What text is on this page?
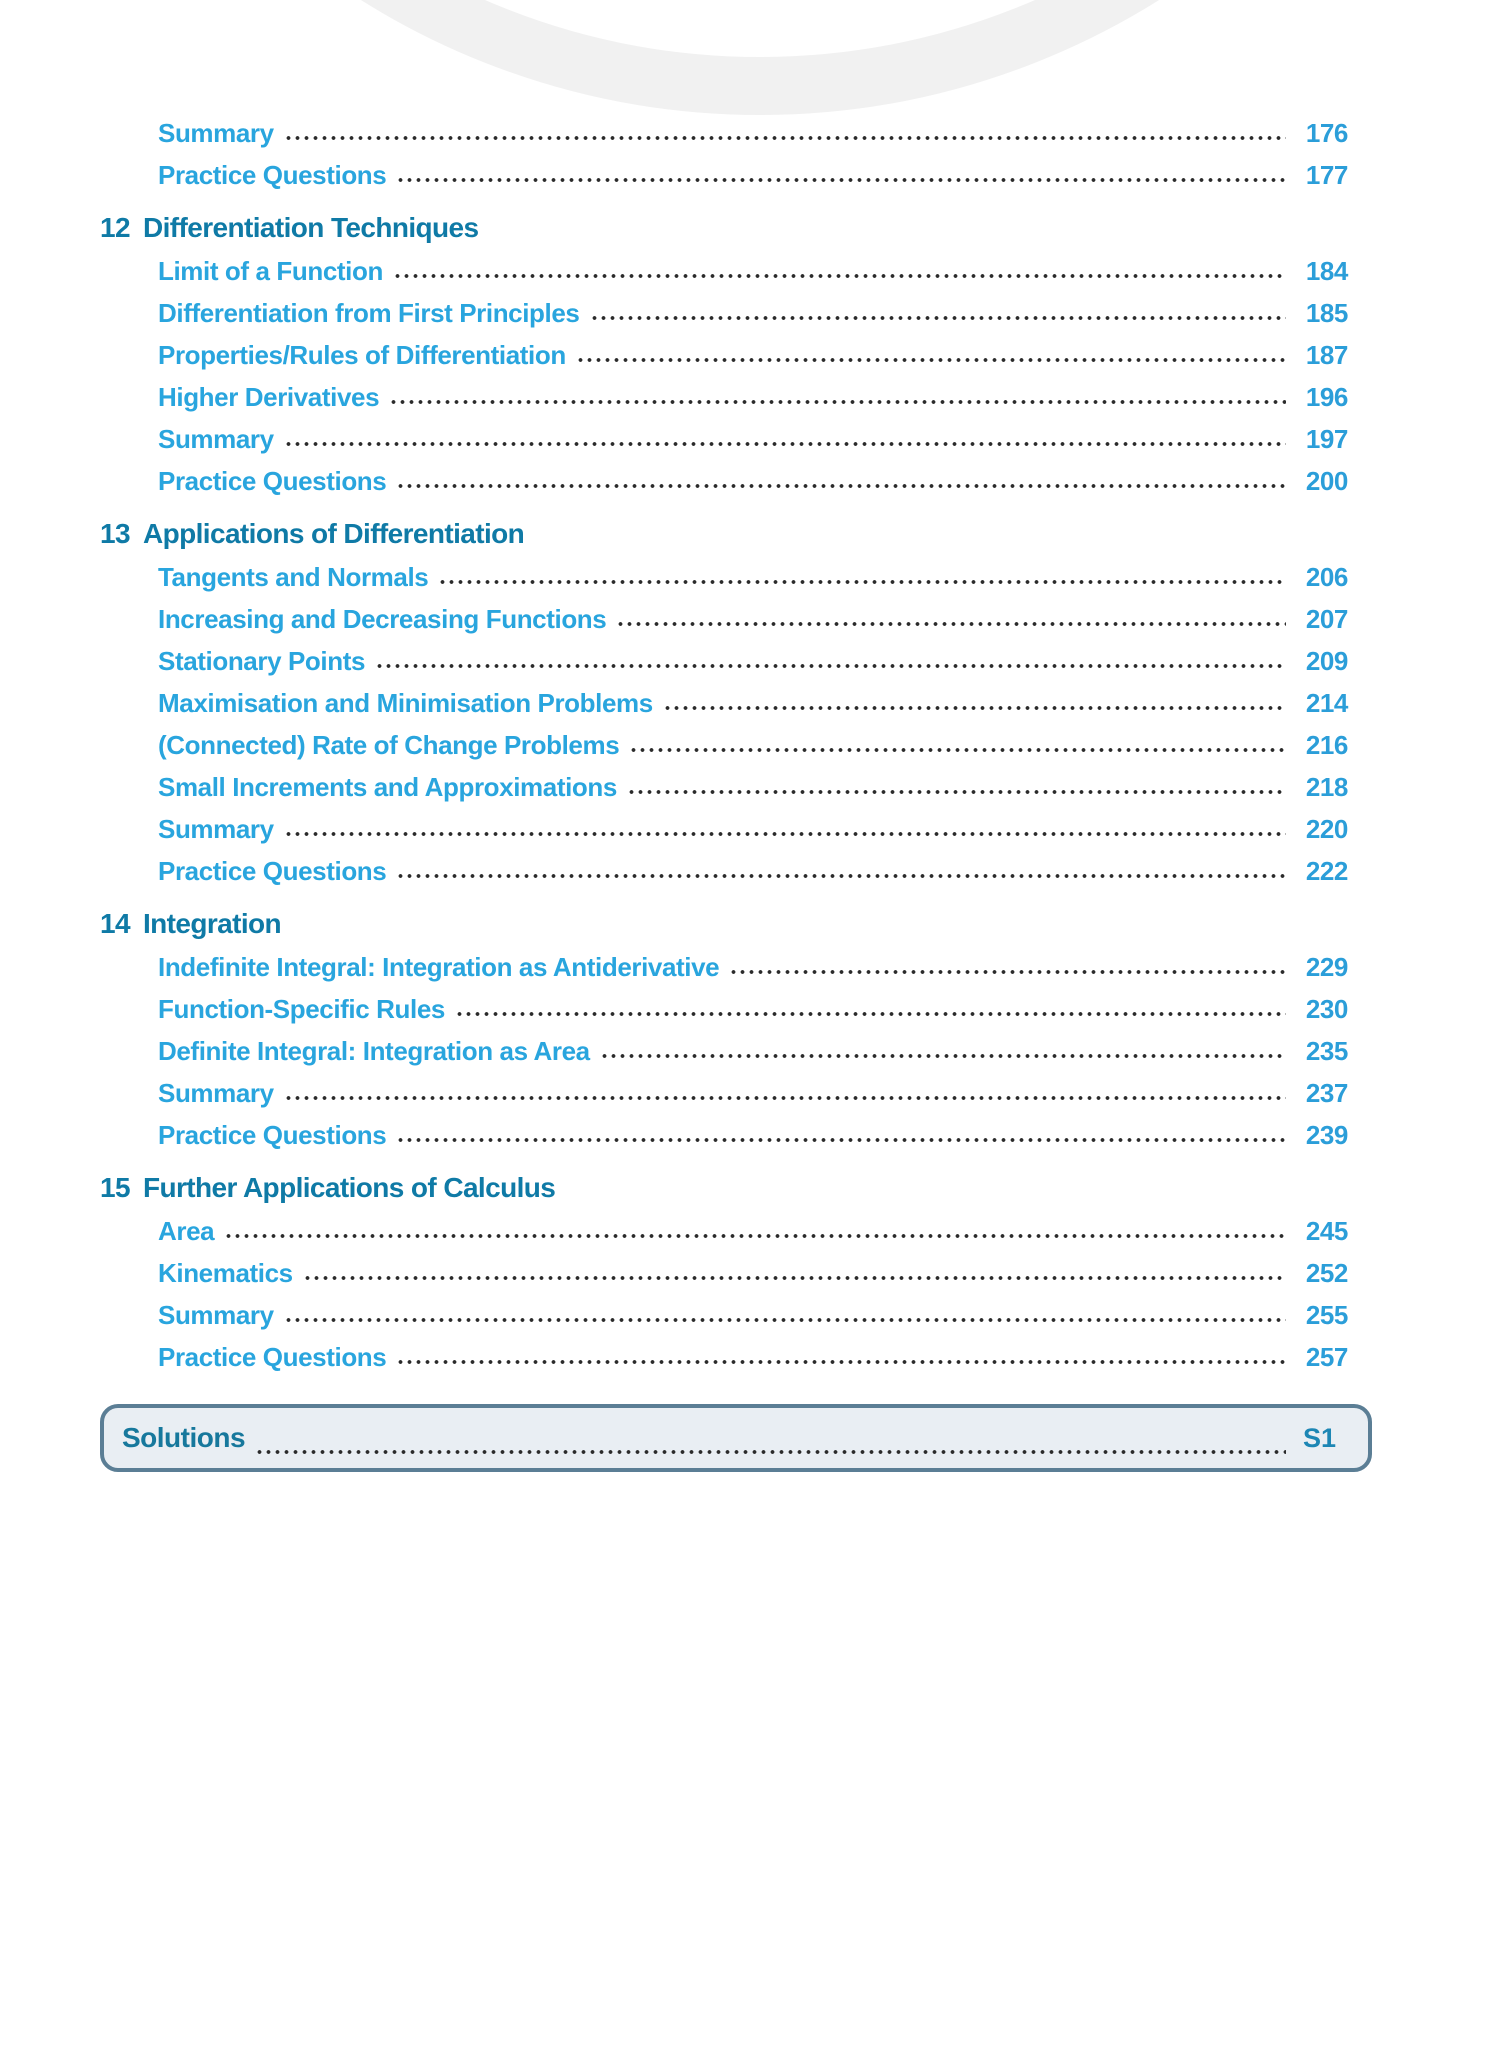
Summary	176
Practice Questions	177
12 Differentiation Techniques
Limit of a Function	184
Differentiation from First Principles	185
Properties/Rules of Differentiation	187
Higher Derivatives	196
Summary	197
Practice Questions	200
13 Applications of Differentiation
Tangents and Normals	206
Increasing and Decreasing Functions	207
Stationary Points	209
Maximisation and Minimisation Problems	214
(Connected) Rate of Change Problems	216
Small Increments and Approximations	218
Summary	220
Practice Questions	222
14 Integration
Indefinite Integral: Integration as Antiderivative	229
Function-Specific Rules	230
Definite Integral: Integration as Area	235
Summary	237
Practice Questions	239
15 Further Applications of Calculus
Area	245
Kinematics	252
Summary	255
Practice Questions	257
Solutions	S1
